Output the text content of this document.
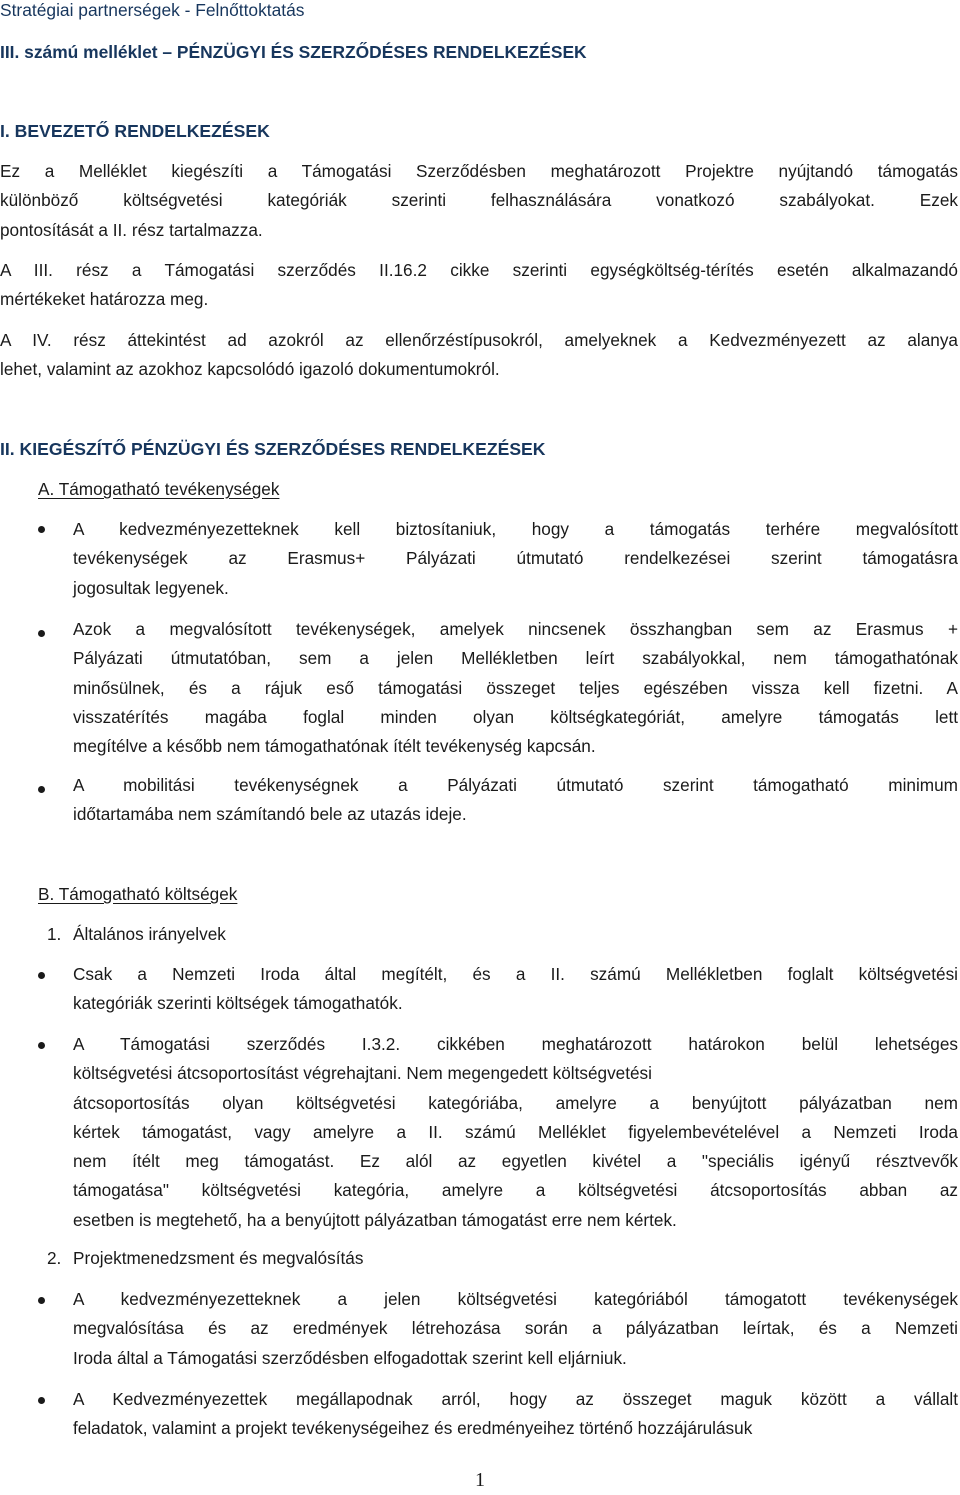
Stratégiai partnerségek - Felnőttoktatás
III. számú melléklet – PÉNZÜGYI ÉS SZERZŐDÉSES RENDELKEZÉSEK
I. BEVEZETŐ RENDELKEZÉSEK
Ez a Melléklet kiegészíti a Támogatási Szerződésben meghatározott Projektre nyújtandó támogatás
különböző költségvetési kategóriák szerinti felhasználására vonatkozó szabályokat. Ezek
pontosítását a II. rész tartalmazza.
A III. rész a Támogatási szerződés II.16.2 cikke szerinti egységköltség-térítés esetén alkalmazandó
mértékeket határozza meg.
A IV. rész áttekintést ad azokról az ellenőrzéstípusokról, amelyeknek a Kedvezményezett az alanya
lehet, valamint az azokhoz kapcsolódó igazoló dokumentumokról.
II. KIEGÉSZÍTŐ PÉNZÜGYI ÉS SZERZŐDÉSES RENDELKEZÉSEK
A. Támogatható tevékenységek
A kedvezményezetteknek kell biztosítaniuk, hogy a támogatás terhére megvalósított
tevékenységek az Erasmus+ Pályázati útmutató rendelkezései szerint támogatásra
jogosultak legyenek.
Azok a megvalósított tevékenységek, amelyek nincsenek összhangban sem az Erasmus +
Pályázati útmutatóban, sem a jelen Mellékletben leírt szabályokkal, nem támogathatónak
minősülnek, és a rájuk eső támogatási összeget teljes egészében vissza kell fizetni. A
visszatérítés magába foglal minden olyan költségkategóriát, amelyre támogatás lett
megítélve a később nem támogathatónak ítélt tevékenység kapcsán.
A mobilitási tevékenységnek a Pályázati útmutató szerint támogatható minimum
időtartamába nem számítandó bele az utazás ideje.
B. Támogatható költségek
1. Általános irányelvek
Csak a Nemzeti Iroda által megítélt, és a II. számú Mellékletben foglalt költségvetési
kategóriák szerinti költségek támogathatók.
A Támogatási szerződés I.3.2. cikkében meghatározott határokon belül lehetséges
költségvetési átcsoportosítást végrehajtani. Nem megengedett költségvetési
átcsoportosítás olyan költségvetési kategóriába, amelyre a benyújtott pályázatban nem
kértek támogatást, vagy amelyre a II. számú Melléklet figyelembevételével a Nemzeti Iroda
nem ítélt meg támogatást. Ez alól az egyetlen kivétel a "speciális igényű résztvevők
támogatása" költségvetési kategória, amelyre a költségvetési átcsoportosítás abban az
esetben is megtehető, ha a benyújtott pályázatban támogatást erre nem kértek.
2. Projektmenedzsment és megvalósítás
A kedvezményezetteknek a jelen költségvetési kategóriából támogatott tevékenységek
megvalósítása és az eredmények létrehozása során a pályázatban leírtak, és a Nemzeti
Iroda által a Támogatási szerződésben elfogadottak szerint kell eljárniuk.
A Kedvezményezettek megállapodnak arról, hogy az összeget maguk között a vállalt
feladatok, valamint a projekt tevékenységeihez és eredményeihez történő hozzájárulásuk
1
